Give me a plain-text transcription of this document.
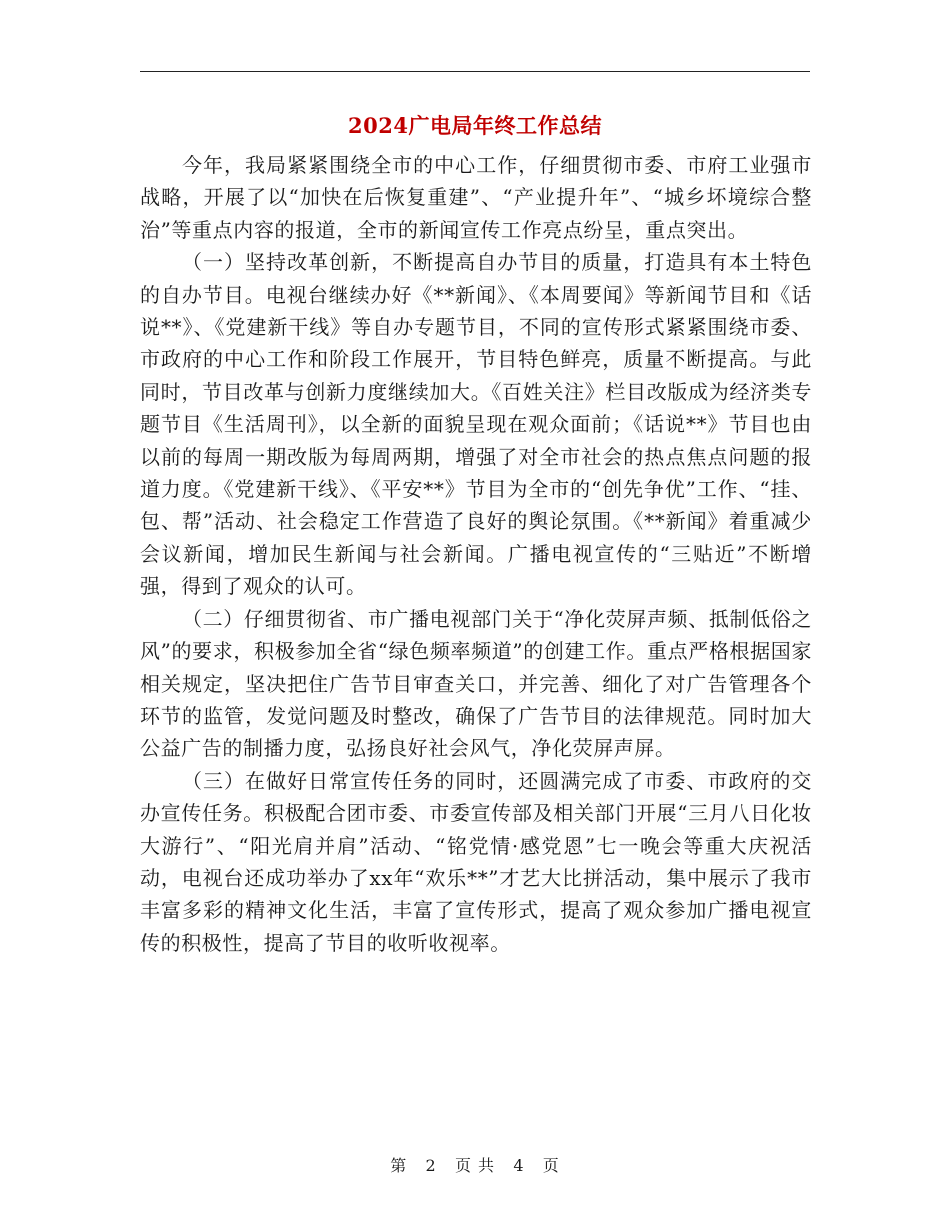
2024广电局年终工作总结

今年，我局紧紧围绕全市的中心工作，仔细贯彻市委、市府工业强市战略，开展了以“加快在后恢复重建”、“产业提升年”、“城乡坏境综合整治”等重点内容的报道，全市的新闻宣传工作亮点纷呈，重点突出。

（一）坚持改革创新，不断提高自办节目的质量，打造具有本土特色的自办节目。电视台继续办好《**新闻》、《本周要闻》等新闻节目和《话说**》、《党建新干线》等自办专题节目，不同的宣传形式紧紧围绕市委、市政府的中心工作和阶段工作展开，节目特色鲜亮，质量不断提高。与此同时，节目改革与创新力度继续加大。《百姓关注》栏目改版成为经济类专题节目《生活周刊》，以全新的面貌呈现在观众面前；《话说**》节目也由以前的每周一期改版为每周两期，增强了对全市社会的热点焦点问题的报道力度。《党建新干线》、《平安**》节目为全市的“创先争优”工作、“挂、包、帮”活动、社会稳定工作营造了良好的舆论氛围。《**新闻》着重减少会议新闻，增加民生新闻与社会新闻。广播电视宣传的“三贴近”不断增强，得到了观众的认可。

（二）仔细贯彻省、市广播电视部门关于“净化荧屏声频、抵制低俗之风”的要求，积极参加全省“绿色频率频道”的创建工作。重点严格根据国家相关规定，坚决把住广告节目审查关口，并完善、细化了对广告管理各个环节的监管，发觉问题及时整改，确保了广告节目的法律规范。同时加大公益广告的制播力度，弘扬良好社会风气，净化荧屏声屏。

（三）在做好日常宣传任务的同时，还圆满完成了市委、市政府的交办宣传任务。积极配合团市委、市委宣传部及相关部门开展“三月八日化妆大游行”、“阳光肩并肩”活动、“铭党情·感党恩”七一晚会等重大庆祝活动，电视台还成功举办了xx年“欢乐**”才艺大比拼活动，集中展示了我市丰富多彩的精神文化生活，丰富了宣传形式，提高了观众参加广播电视宣传的积极性，提高了节目的收听收视率。

第 2 页 共 4 页
